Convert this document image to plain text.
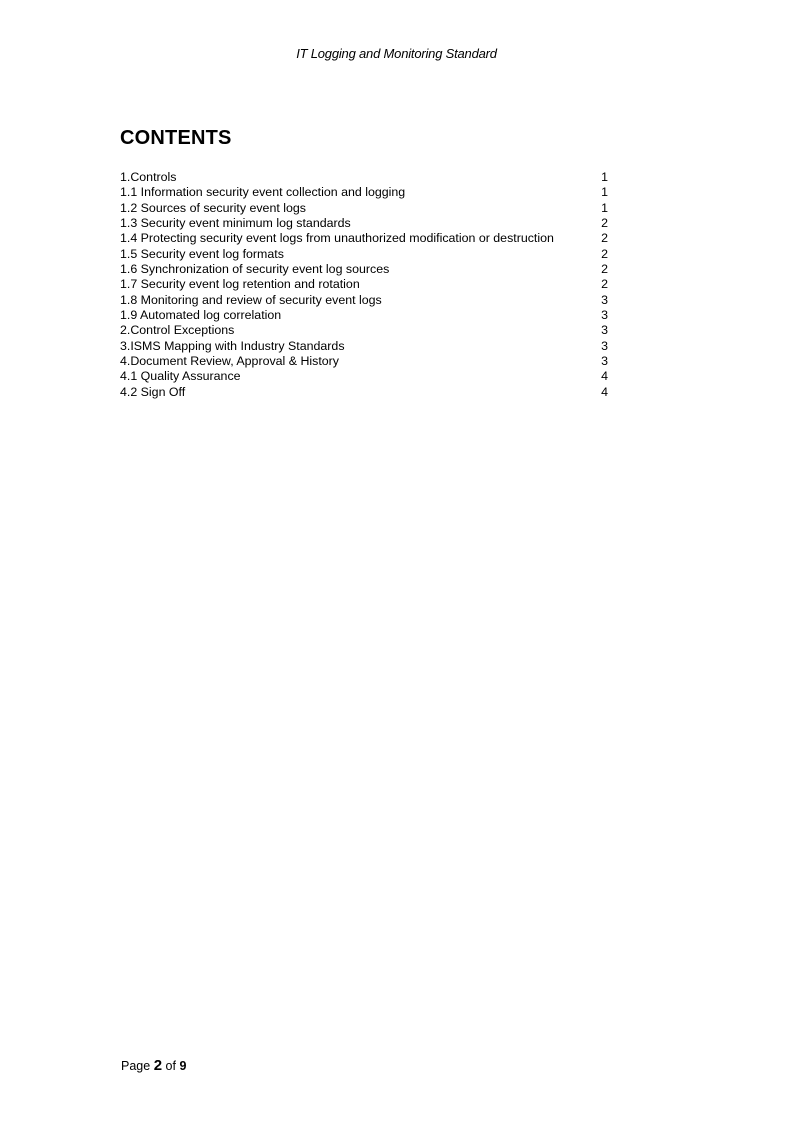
IT Logging and Monitoring Standard
CONTENTS
1.Controls	1
1.1 Information security event collection and logging	1
1.2 Sources of security event logs	1
1.3 Security event minimum log standards	2
1.4 Protecting security event logs from unauthorized modification or destruction	2
1.5 Security event log formats	2
1.6 Synchronization of security event log sources	2
1.7 Security event log retention and rotation	2
1.8 Monitoring and review of security event logs	3
1.9 Automated log correlation	3
2.Control Exceptions	3
3.ISMS Mapping with Industry Standards	3
4.Document Review, Approval & History	3
4.1 Quality Assurance	4
4.2 Sign Off	4
Page 2 of 9
